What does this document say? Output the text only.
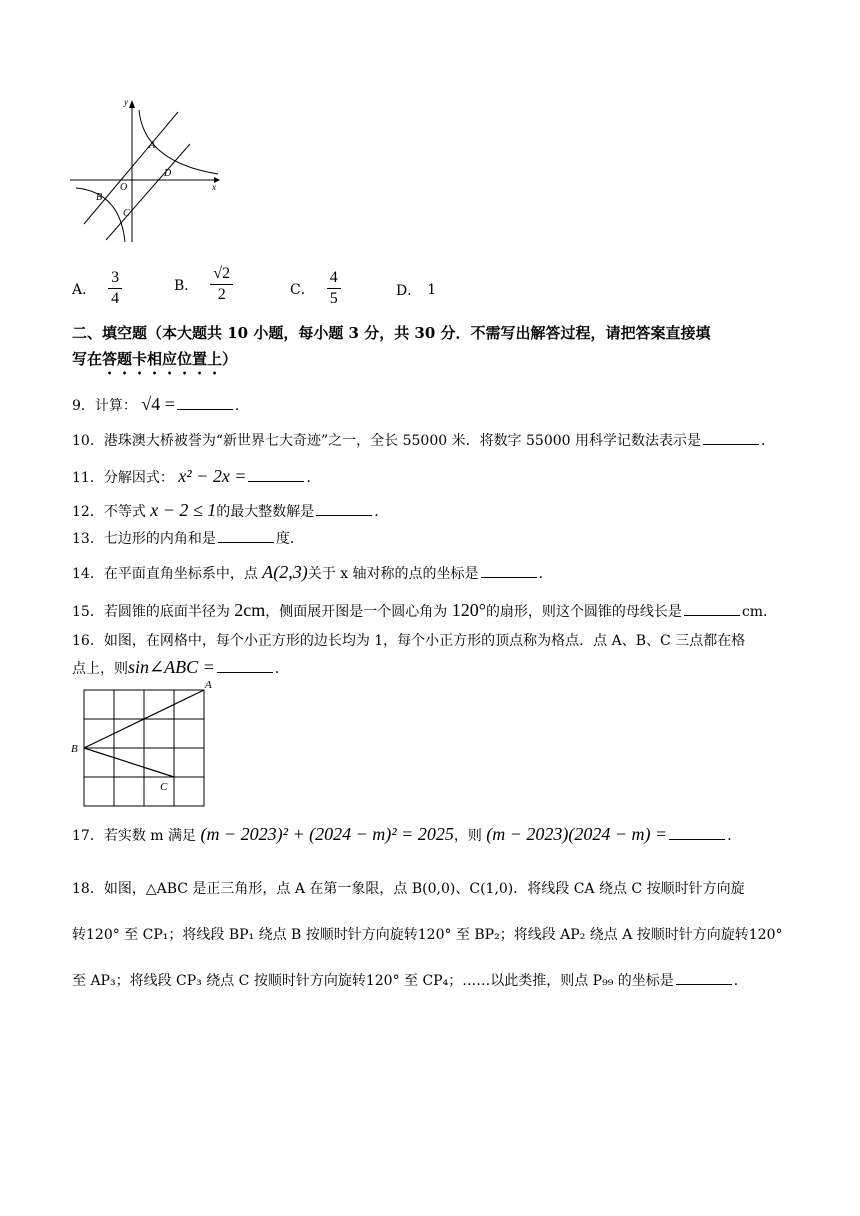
y
x
O
A
B
C
D
A． $\frac{3}{4}$	B． $\frac{√2}{2}$	C． $\frac{4}{5}$	D． 1
二、填空题（本大题共 10 小题，每小题 3 分，共 30 分．不需写出解答过程，请把答案直接填
写在答题卡相应位置上）
9．计算： √4 =	．
10．港珠澳大桥被誉为“新世界七大奇迹”之一，全长 55000 米．将数字 55000 用科学记数法表示是	．
11．分解因式： x² − 2x =	．
12．不等式 x − 2 ≤ 1的最大整数解是	．
13．七边形的内角和是	度．
14．在平面直角坐标系中，点 A(2,3)关于 x 轴对称的点的坐标是	．
15．若圆锥的底面半径为 2cm，侧面展开图是一个圆心角为 120°的扇形，则这个圆锥的母线长是	cm．
16．如图，在网格中，每个小正方形的边长均为 1，每个小正方形的顶点称为格点．点 A、B、C 三点都在格
点上，则sin∠ABC =	．
A
B
C
17．若实数 m 满足 (m − 2023)² + (2024 − m)² = 2025，则 (m − 2023)(2024 − m) =	．
18．如图，△ABC 是正三角形，点 A 在第一象限，点 B(0,0)、C(1,0)．将线段 CA 绕点 C 按顺时针方向旋
转120° 至 CP₁；将线段 BP₁ 绕点 B 按顺时针方向旋转120° 至 BP₂；将线段 AP₂ 绕点 A 按顺时针方向旋转120°
至 AP₃；将线段 CP₃ 绕点 C 按顺时针方向旋转120° 至 CP₄；……以此类推，则点 P₉₉ 的坐标是	．
